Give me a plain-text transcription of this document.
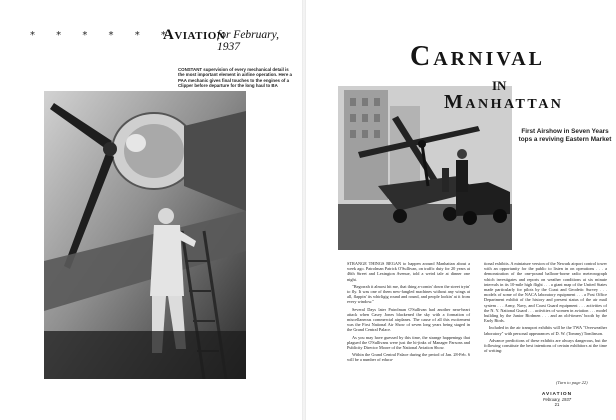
* * * * * *
Aviation
for February, 1937
CONSTANT supervision of every mechanical detail is the most important element in airline operation. Here a PAA mechanic gives final touches to the engines of a Clipper before departure for the long haul to BA
Carnival
in
Manhattan
First Airshow in Seven Years tops a reviving Eastern Market

STRANGE THINGS BEGAN to happen around Manhattan about a week ago. Patrolman Patrick O'Sullivan, on traffic duty for 20 years at 46th Street and Lexington Avenue, told a weird tale at dinner one night.

"Begorrah it almost hit me, that thing a-comin' down the street tryin' to fly. It was one of them new-fangled machines without any wings at all, flappin' its whirligig round and round, and people lookin' at it from every window."

Several Days later Patrolman O'Sullivan had another near-heart attack when Casey Jones blackened the sky with a formation of miscellaneous commercial airplanes. The cause of all this excitement was the First National Air Show of seven long years being staged in the Grand Central Palace.

As you may have guessed by this time, the strange happenings that plagued the O'Sullivans were just the hi-jinks of Manager Parsons and Publicity Director Moore of the National Aviation Show.

Within the Grand Central Palace during the period of Jan. 28-Feb. 6 will be a number of educa-

tional exhibits. A miniature version of the Newark airport control tower with an opportunity for the public to listen in on operations . . . a demonstration of the one-pound balloon-borne radio meteorograph which investigates and reports on weather conditions at six minute intervals in its 10-mile high flight . . . a giant map of the United States made particularly for pilots by the Coast and Geodetic Survey . . . models of some of the NACA laboratory equipment . . . a Post Office Department exhibit of the history and present status of the air mail system . . . Army, Navy, and Coast Guard equipment . . . activities of the N. Y. National Guard . . . activities of women in aviation . . . model building by the Junior Birdmen . . . and an old-timers' booth by the Early Birds.

Included in the air transport exhibits will be the TWA "Overweather laboratory" with personal appearances of D. W. (Tommy) Tomlinson.

Advance predictions of these exhibits are always dangerous, but the following constitute the best intentions of certain exhibitors at the time of writing:

(Turn to page 22)
AVIATION
February, 1937
21
